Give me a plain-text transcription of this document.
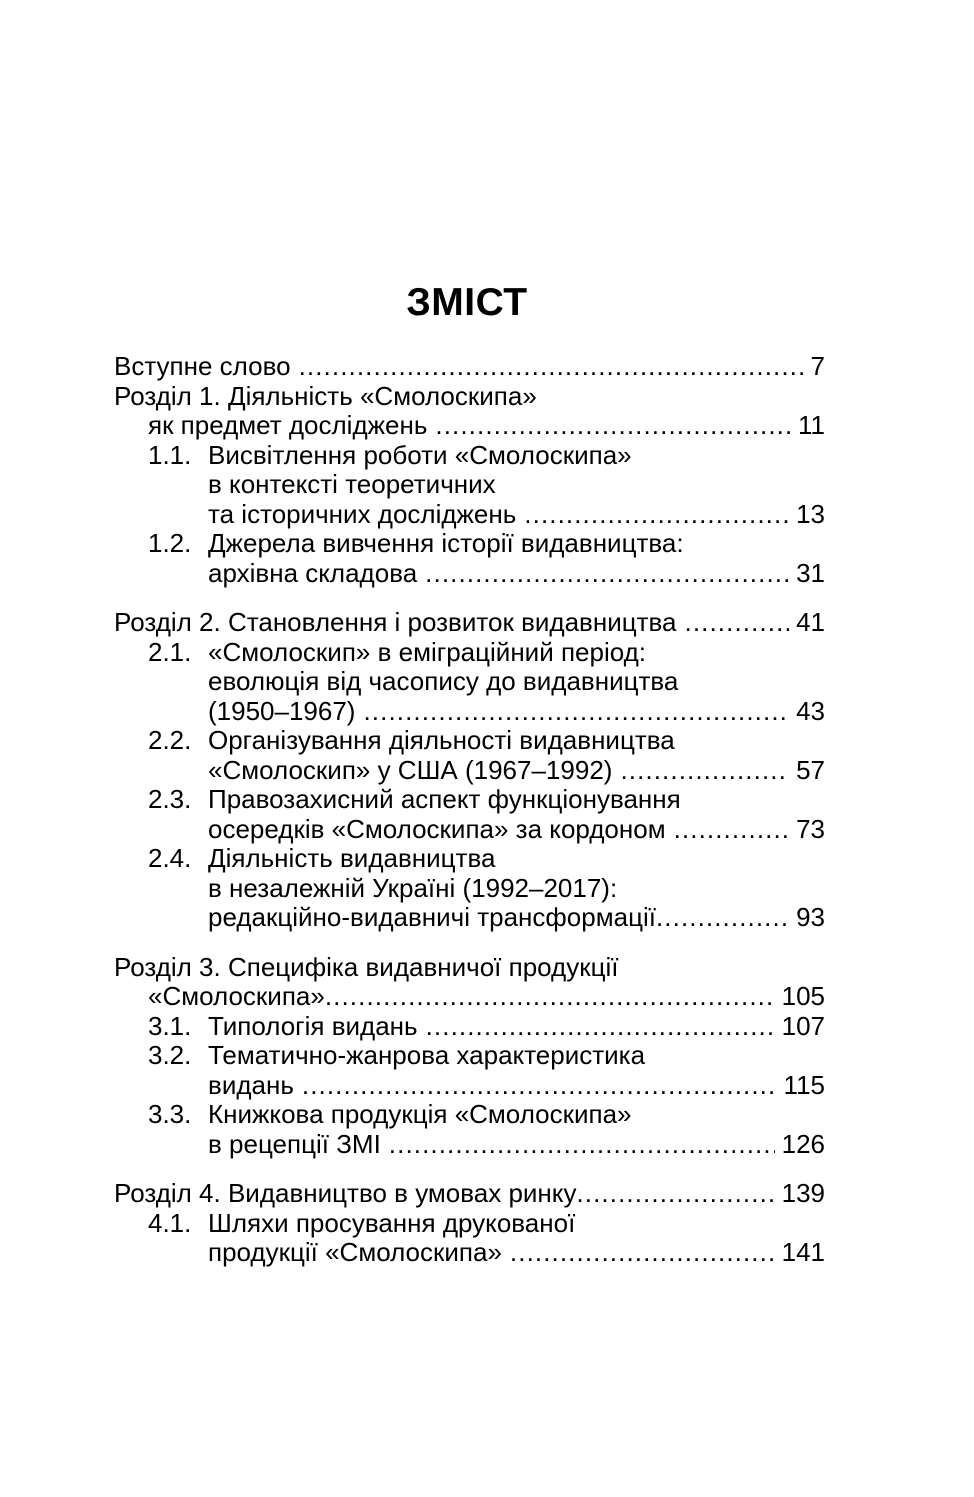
ЗМІСТ
Вступне слово .....	7
Розділ 1. Діяльність «Смолоскипа»
як предмет досліджень .....	11
1.1. Висвітлення роботи «Смолоскипа»
в контексті теоретичних
та історичних досліджень .....	13
1.2. Джерела вивчення історії видавництва:
архівна складова .....	31
Розділ 2. Становлення і розвиток видавництва .....	41
2.1. «Смолоскип» в еміграційний період:
еволюція від часопису до видавництва
(1950–1967) .....	43
2.2. Організування діяльності видавництва
«Смолоскип» у США (1967–1992) .....	57
2.3. Правозахисний аспект функціонування
осередків «Смолоскипа» за кордоном .....	73
2.4. Діяльність видавництва
в незалежній Україні (1992–2017):
редакційно-видавничі трансформації .....	93
Розділ 3. Специфіка видавничої продукції
«Смолоскипа» .....	105
3.1. Типологія видань .....	107
3.2. Тематично-жанрова характеристика
видань .....	115
3.3. Книжкова продукція «Смолоскипа»
в рецепції ЗМІ .....	126
Розділ 4. Видавництво в умовах ринку .....	139
4.1. Шляхи просування друкованої
продукції «Смолоскипа» .....	141
